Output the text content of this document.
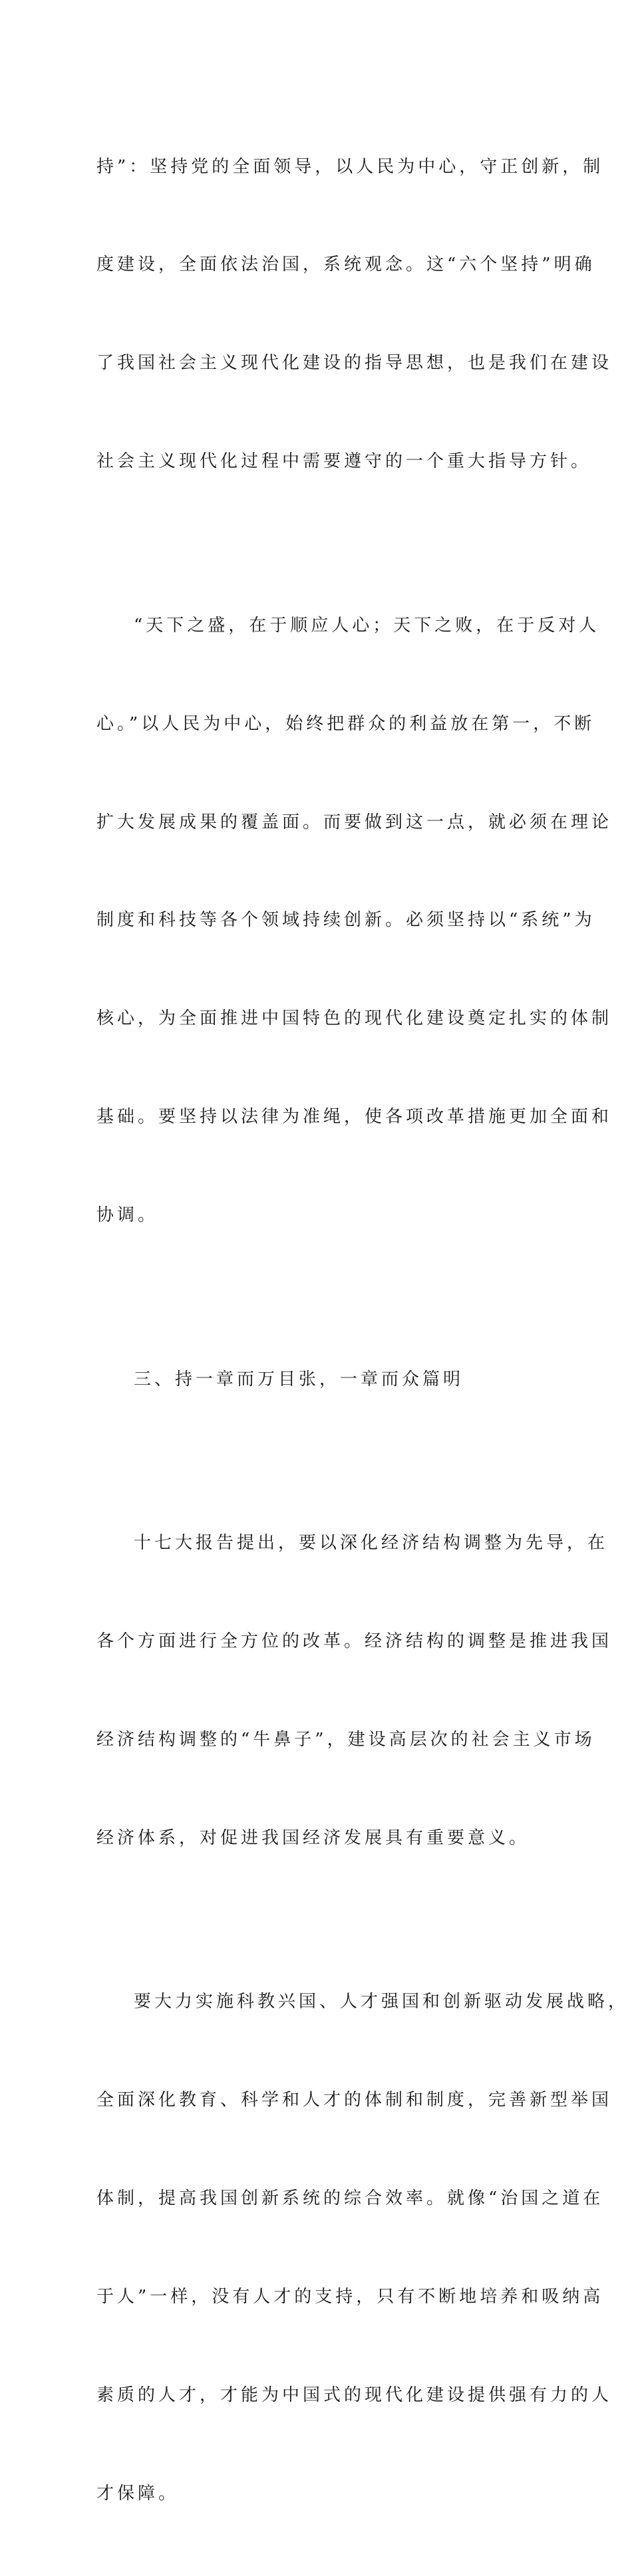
持”：坚持党的全面领导，以人民为中心，守正创新，制

度建设，全面依法治国，系统观念。这“六个坚持”明确

了我国社会主义现代化建设的指导思想，也是我们在建设

社会主义现代化过程中需要遵守的一个重大指导方针。

“天下之盛，在于顺应人心；天下之败，在于反对人

心。”以人民为中心，始终把群众的利益放在第一，不断

扩大发展成果的覆盖面。而要做到这一点，就必须在理论

制度和科技等各个领域持续创新。必须坚持以“系统”为

核心，为全面推进中国特色的现代化建设奠定扎实的体制

基础。要坚持以法律为准绳，使各项改革措施更加全面和

协调。

三、持一章而万目张，一章而众篇明

十七大报告提出，要以深化经济结构调整为先导，在

各个方面进行全方位的改革。经济结构的调整是推进我国

经济结构调整的“牛鼻子”，建设高层次的社会主义市场

经济体系，对促进我国经济发展具有重要意义。

要大力实施科教兴国、人才强国和创新驱动发展战略，

全面深化教育、科学和人才的体制和制度，完善新型举国

体制，提高我国创新系统的综合效率。就像“治国之道在

于人”一样，没有人才的支持，只有不断地培养和吸纳高

素质的人才，才能为中国式的现代化建设提供强有力的人

才保障。
